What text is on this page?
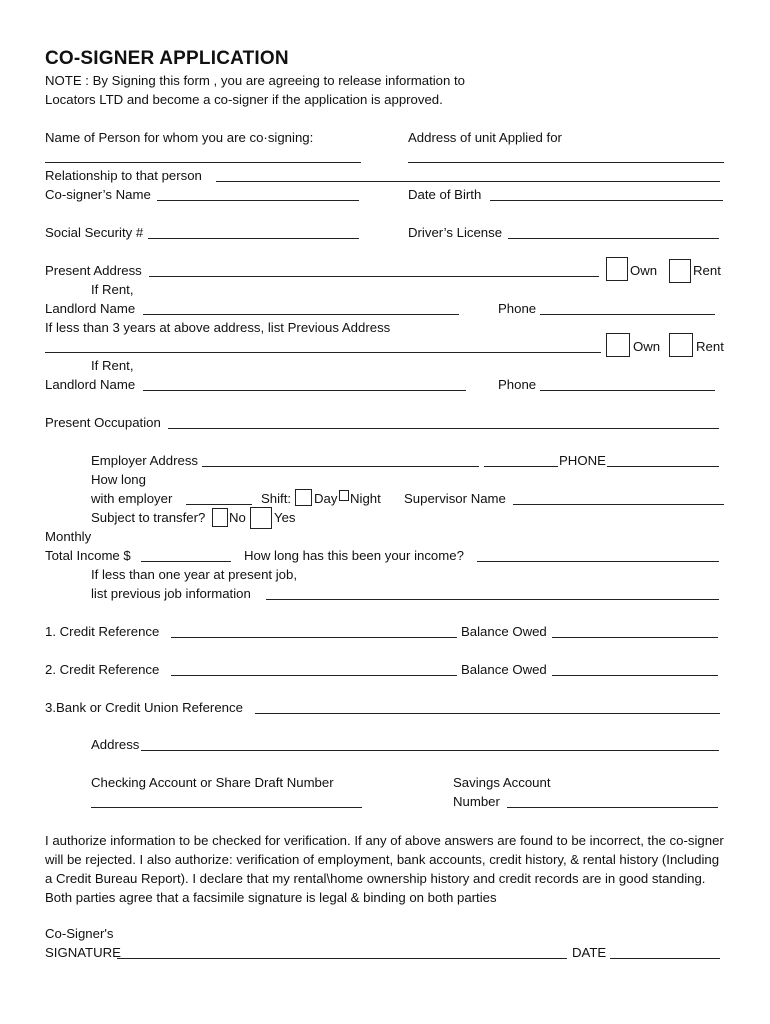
CO-SIGNER APPLICATION
NOTE : By Signing this form , you are agreeing to release information to
Locators LTD and become a co-signer if the application is approved.
Name of Person for whom you are co·signing:	Address of unit Applied for
Relationship to that person
Co-signer’s Name	Date of Birth
Social Security #	Driver’s License
Present Address	Own	Rent
If Rent,
Landlord Name	Phone
If less than 3 years at above address, list Previous Address
Own	Rent
If Rent,
Landlord Name	Phone
Present Occupation
Employer Address	PHONE
How long
with employer	Shift: Day Night Supervisor Name
Subject to transfer? No Yes
Monthly
Total Income $	How long has this been your income?
If less than one year at present job,
list previous job information
1. Credit Reference	Balance Owed
2. Credit Reference	Balance Owed
3.Bank or Credit Union Reference
Address
Checking Account or Share Draft Number	Savings Account
Number
I authorize information to be checked for verification. If any of above answers are found to be incorrect, the co-signer will be rejected. I also authorize: verification of employment, bank accounts, credit history, & rental history (Including a Credit Bureau Report). I declare that my rental\home ownership history and credit records are in good standing. Both parties agree that a facsimile signature is legal & binding on both parties
Co-Signer's
SIGNATURE	DATE
